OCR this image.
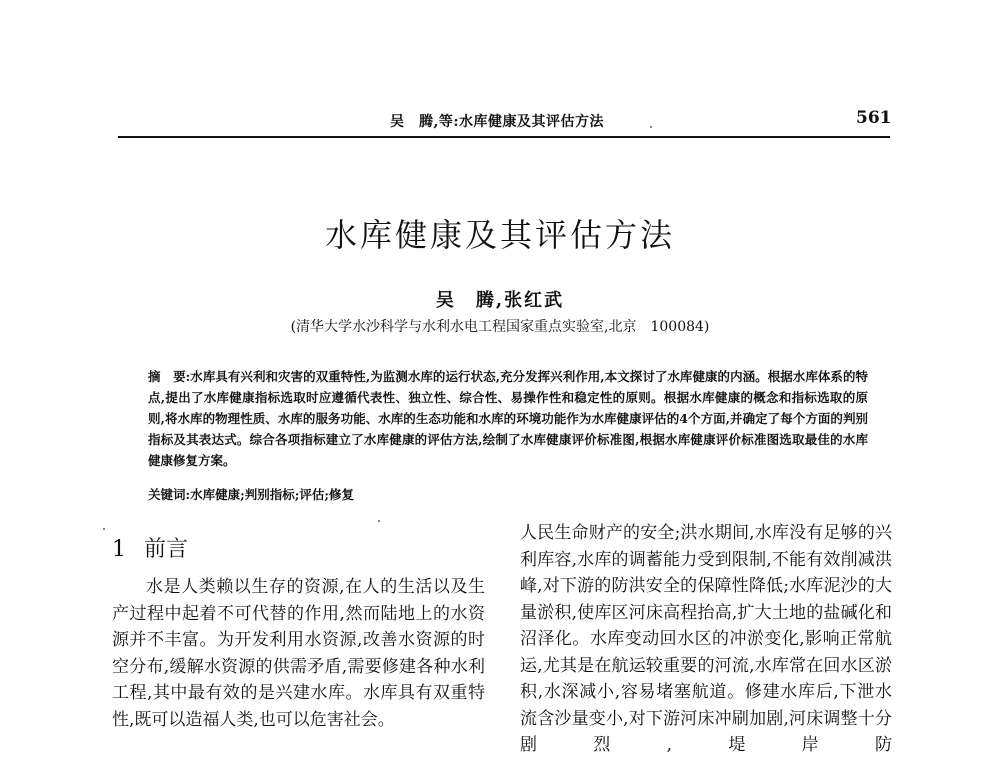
吴　腾,等:水库健康及其评估方法	561
水库健康及其评估方法
吴　腾,张红武
(清华大学水沙科学与水利水电工程国家重点实验室,北京　100084)
摘　要:水库具有兴利和灾害的双重特性,为监测水库的运行状态,充分发挥兴利作用,本文探讨了水库健康的内涵。根据水库体系的特点,提出了水库健康指标选取时应遵循代表性、独立性、综合性、易操作性和稳定性的原则。根据水库健康的概念和指标选取的原则,将水库的物理性质、水库的服务功能、水库的生态功能和水库的环境功能作为水库健康评估的4个方面,并确定了每个方面的判别指标及其表达式。综合各项指标建立了水库健康的评估方法,绘制了水库健康评价标准图,根据水库健康评价标准图选取最佳的水库健康修复方案。
关键词:水库健康;判别指标;评估;修复
1 前言

水是人类赖以生存的资源,在人的生活以及生产过程中起着不可代替的作用,然而陆地上的水资源并不丰富。为开发利用水资源,改善水资源的时空分布,缓解水资源的供需矛盾,需要修建各种水利工程,其中最有效的是兴建水库。水库具有双重特性,既可以造福人类,也可以危害社会。

人民生命财产的安全;洪水期间,水库没有足够的兴利库容,水库的调蓄能力受到限制,不能有效削减洪峰,对下游的防洪安全的保障性降低;水库泥沙的大量淤积,使库区河床高程抬高,扩大土地的盐碱化和沼泽化。水库变动回水区的冲淤变化,影响正常航运,尤其是在航运较重要的河流,水库常在回水区淤积,水深减小,容易堵塞航道。修建水库后,下泄水流含沙量变小,对下游河床冲刷加剧,河床调整十分剧烈,堤岸防
